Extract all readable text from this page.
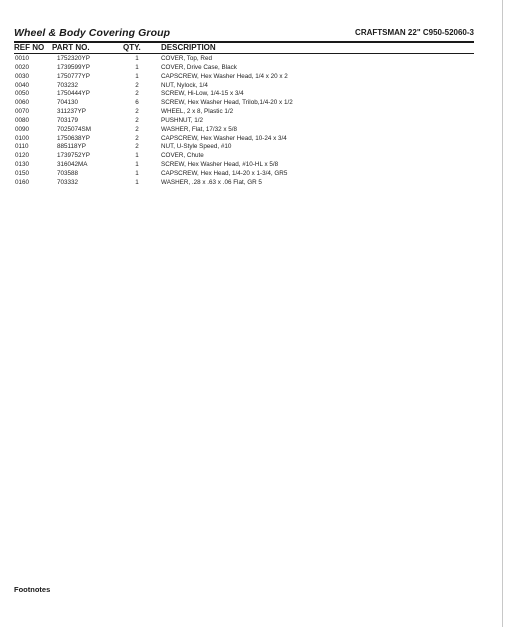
Wheel & Body Covering Group	CRAFTSMAN 22" C950-52060-3
REF NO PART NO.	QTY.	DESCRIPTION
0010	1752320YP	1	COVER, Top, Red
0020	1739599YP	1	COVER, Drive Case, Black
0030	1750777YP	1	CAPSCREW, Hex Washer Head, 1/4 x 20 x 2
0040	703232	2	NUT, Nylock, 1/4
0050	1750444YP	2	SCREW, Hi-Low, 1/4-15 x 3/4
0060	704130	6	SCREW, Hex Washer Head, Trilob,1/4-20 x 1/2
0070	311237YP	2	WHEEL, 2 x 8, Plastic 1/2
0080	703179	2	PUSHNUT, 1/2
0090	7025074SM	2	WASHER, Flat, 17/32 x 5/8
0100	1750638YP	2	CAPSCREW, Hex Washer Head, 10-24 x 3/4
0110	885118YP	2	NUT, U-Style Speed, #10
0120	1739752YP	1	COVER, Chute
0130	316042MA	1	SCREW, Hex Washer Head, #10-HL x 5/8
0150	703588	1	CAPSCREW, Hex Head, 1/4-20 x 1-3/4, GR5
0160	703332	1	WASHER, .28 x .63 x .06 Flat, GR 5
Footnotes
